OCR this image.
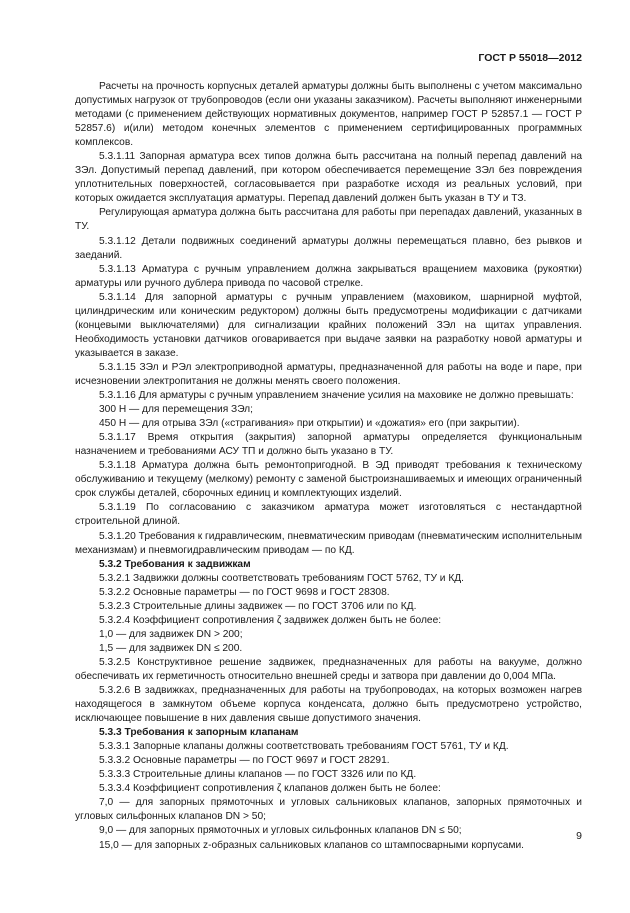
ГОСТ Р 55018—2012

Расчеты на прочность корпусных деталей арматуры должны быть выполнены с учетом максимально допустимых нагрузок от трубопроводов (если они указаны заказчиком). Расчеты выполняют инженерными методами (с применением действующих нормативных документов, например ГОСТ Р 52857.1 — ГОСТ Р 52857.6) и(или) методом конечных элементов с применением сертифицированных программных комплексов.

5.3.1.11 Запорная арматура всех типов должна быть рассчитана на полный перепад давлений на ЗЭл. Допустимый перепад давлений, при котором обеспечивается перемещение ЗЭл без повреждения уплотнительных поверхностей, согласовывается при разработке исходя из реальных условий, при которых ожидается эксплуатация арматуры. Перепад давлений должен быть указан в ТУ и ТЗ.

Регулирующая арматура должна быть рассчитана для работы при перепадах давлений, указанных в ТУ.

5.3.1.12 Детали подвижных соединений арматуры должны перемещаться плавно, без рывков и заеданий.

5.3.1.13 Арматура с ручным управлением должна закрываться вращением маховика (рукоятки) арматуры или ручного дублера привода по часовой стрелке.

5.3.1.14 Для запорной арматуры с ручным управлением (маховиком, шарнирной муфтой, цилиндрическим или коническим редуктором) должны быть предусмотрены модификации с датчиками (концевыми выключателями) для сигнализации крайних положений ЗЭл на щитах управления. Необходимость установки датчиков оговаривается при выдаче заявки на разработку новой арматуры и указывается в заказе.

5.3.1.15 ЗЭл и РЭл электроприводной арматуры, предназначенной для работы на воде и паре, при исчезновении электропитания не должны менять своего положения.

5.3.1.16 Для арматуры с ручным управлением значение усилия на маховике не должно превышать:

300 Н — для перемещения ЗЭл;

450 Н — для отрыва ЗЭл («страгивания» при открытии) и «дожатия» его (при закрытии).

5.3.1.17 Время открытия (закрытия) запорной арматуры определяется функциональным назначением и требованиями АСУ ТП и должно быть указано в ТУ.

5.3.1.18 Арматура должна быть ремонтопригодной. В ЭД приводят требования к техническому обслуживанию и текущему (мелкому) ремонту с заменой быстроизнашиваемых и имеющих ограниченный срок службы деталей, сборочных единиц и комплектующих изделий.

5.3.1.19 По согласованию с заказчиком арматура может изготовляться с нестандартной строительной длиной.

5.3.1.20 Требования к гидравлическим, пневматическим приводам (пневматическим исполнительным механизмам) и пневмогидравлическим приводам — по КД.

5.3.2 Требования к задвижкам

5.3.2.1 Задвижки должны соответствовать требованиям ГОСТ 5762, ТУ и КД.

5.3.2.2 Основные параметры — по ГОСТ 9698 и ГОСТ 28308.

5.3.2.3 Строительные длины задвижек — по ГОСТ 3706 или по КД.

5.3.2.4 Коэффициент сопротивления ζ задвижек должен быть не более:

1,0 — для задвижек DN > 200;

1,5 — для задвижек DN ≤ 200.

5.3.2.5 Конструктивное решение задвижек, предназначенных для работы на вакууме, должно обеспечивать их герметичность относительно внешней среды и затвора при давлении до 0,004 МПа.

5.3.2.6 В задвижках, предназначенных для работы на трубопроводах, на которых возможен нагрев находящегося в замкнутом объеме корпуса конденсата, должно быть предусмотрено устройство, исключающее повышение в них давления свыше допустимого значения.

5.3.3 Требования к запорным клапанам

5.3.3.1 Запорные клапаны должны соответствовать требованиям ГОСТ 5761, ТУ и КД.

5.3.3.2 Основные параметры — по ГОСТ 9697 и ГОСТ 28291.

5.3.3.3 Строительные длины клапанов — по ГОСТ 3326 или по КД.

5.3.3.4 Коэффициент сопротивления ζ клапанов должен быть не более:

7,0 — для запорных прямоточных и угловых сальниковых клапанов, запорных прямоточных и угловых сильфонных клапанов DN > 50;

9,0 — для запорных прямоточных и угловых сильфонных клапанов DN ≤ 50;

15,0 — для запорных z-образных сальниковых клапанов со штампосварными корпусами.

9
